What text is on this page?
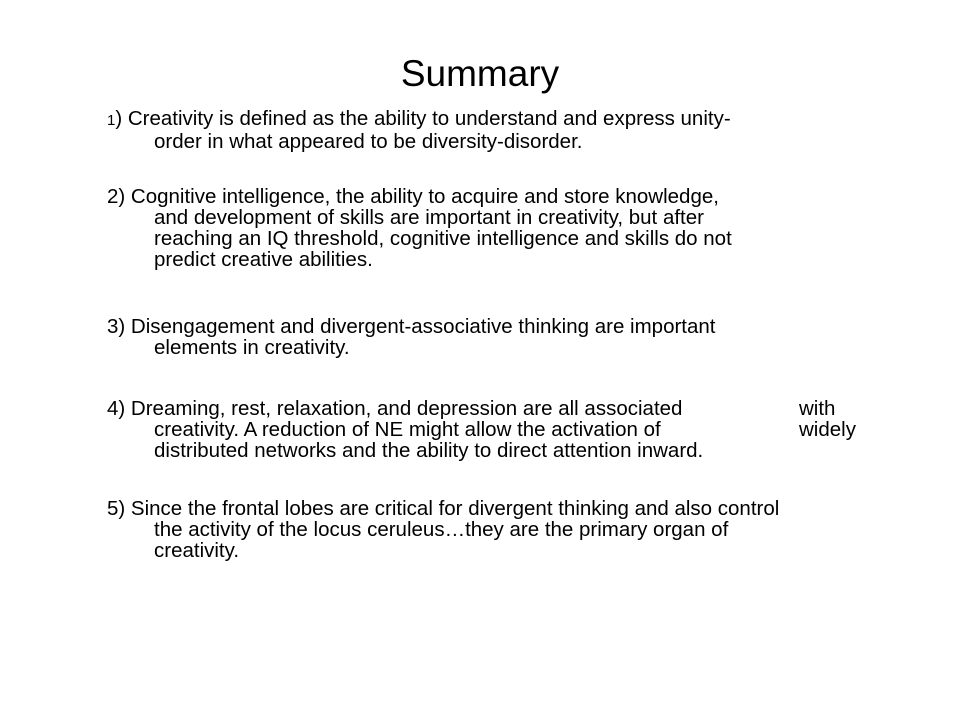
Summary
1) Creativity is defined as the ability to understand and express unity-
order in what appeared to be diversity-disorder.
2) Cognitive intelligence, the ability to acquire and store knowledge,
and development of skills are important in creativity, but after
reaching an IQ threshold, cognitive intelligence and skills do not
predict creative abilities.
3) Disengagement and divergent-associative thinking are important
elements in creativity.
4) Dreaming, rest, relaxation, and depression are all associated	with
creativity. A reduction of NE might allow the activation of	widely
distributed networks and the ability to direct attention inward.
5) Since the frontal lobes are critical for divergent thinking and also control
the activity of the locus ceruleus…they are the primary organ of
creativity.
